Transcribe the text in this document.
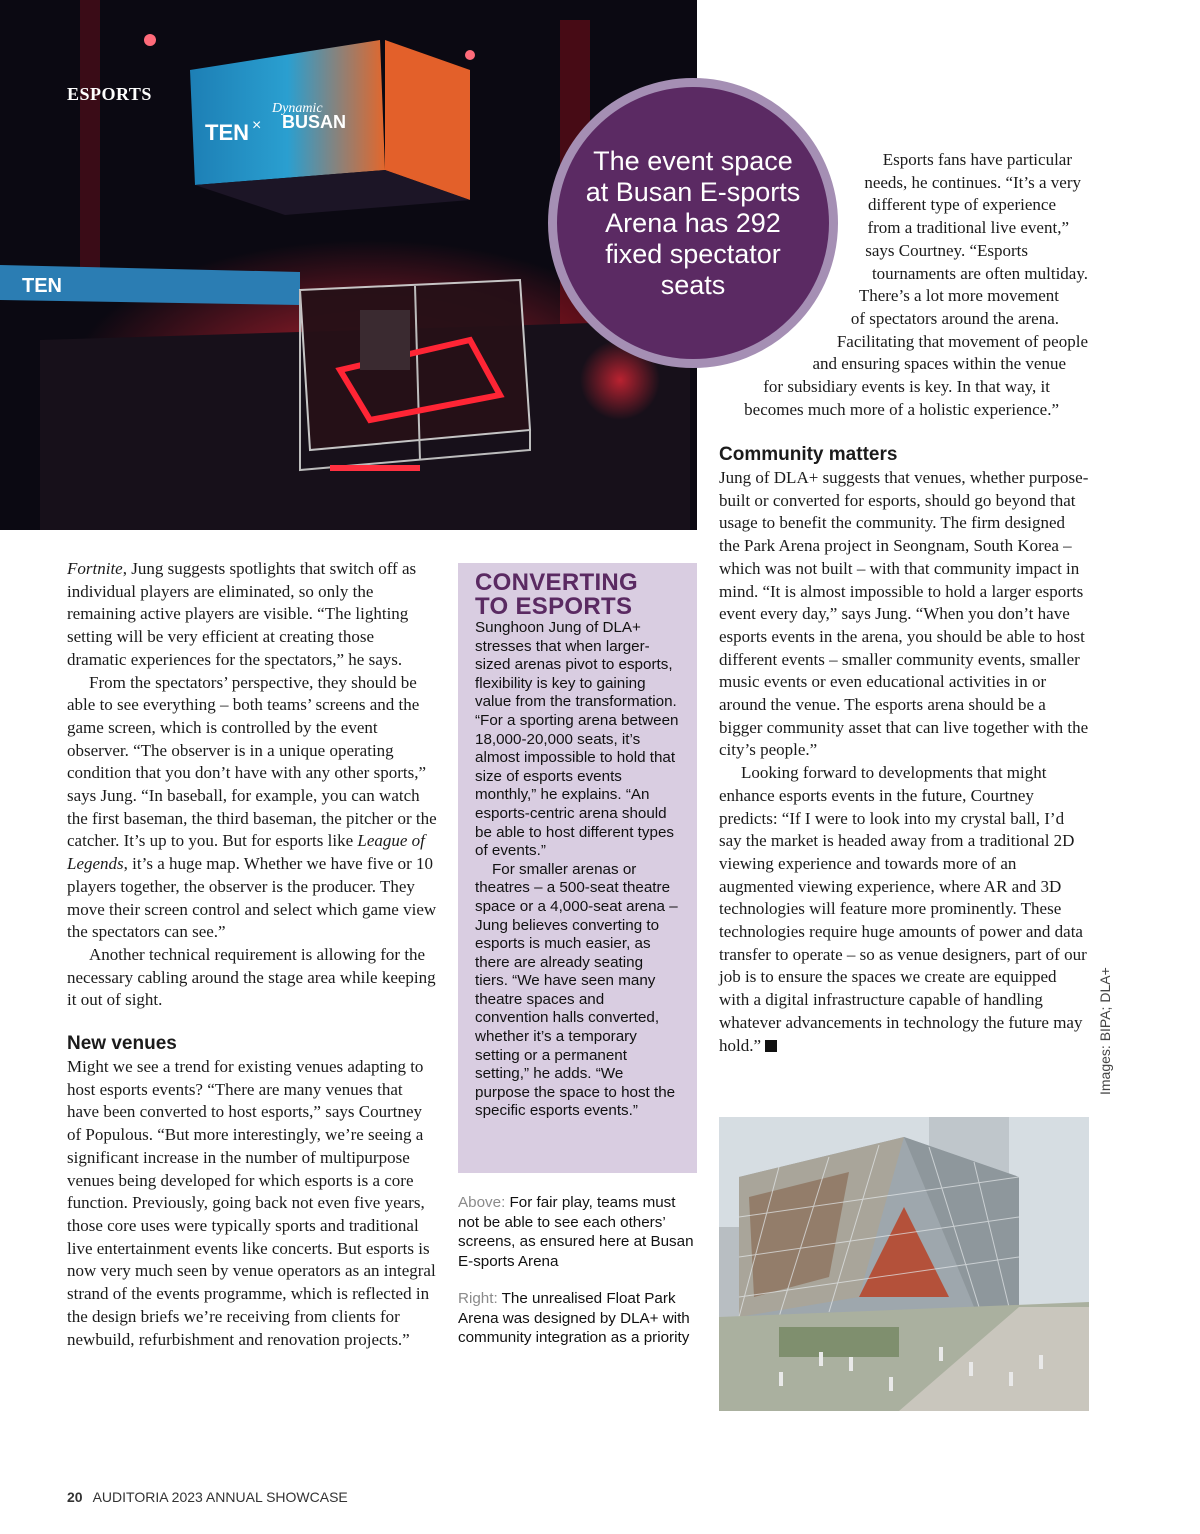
TEN ×
Dynamic
BUSAN
TEN
ESPORTS
The event space at Busan E-sports Arena has 292 fixed spectator seats
Esports fans have particular
needs, he continues. “It’s a very
different type of experience
from a traditional live event,”
says Courtney. “Esports
tournaments are often multiday.
There’s a lot more movement
of spectators around the arena.
Facilitating that movement of people
and ensuring spaces within the venue
for subsidiary events is key. In that way, it
becomes much more of a holistic experience.”

Fortnite, Jung suggests spotlights that switch off as individual players are eliminated, so only the remaining active players are visible. “The lighting setting will be very efficient at creating those dramatic experiences for the spectators,” he says.

From the spectators’ perspective, they should be able to see everything – both teams’ screens and the game screen, which is controlled by the event observer. “The observer is in a unique operating condition that you don’t have with any other sports,” says Jung. “In baseball, for example, you can watch the first baseman, the third baseman, the pitcher or the catcher. It’s up to you. But for esports like League of Legends, it’s a huge map. Whether we have five or 10 players together, the observer is the producer. They move their screen control and select which game view the spectators can see.”

Another technical requirement is allowing for the necessary cabling around the stage area while keeping it out of sight.

New venues

Might we see a trend for existing venues adapting to host esports events? “There are many venues that have been converted to host esports,” says Courtney of Populous. “But more interestingly, we’re seeing a significant increase in the number of multipurpose venues being developed for which esports is a core function. Previously, going back not even five years, those core uses were typically sports and traditional live entertainment events like concerts. But esports is now very much seen by venue operators as an integral strand of the events programme, which is reflected in the design briefs we’re receiving from clients for newbuild, refurbishment and renovation projects.”

CONVERTING
TO ESPORTS

Sunghoon Jung of DLA+ stresses that when larger-sized arenas pivot to esports, flexibility is key to gaining value from the transformation. “For a sporting arena between 18,000-20,000 seats, it’s almost impossible to hold that size of esports events monthly,” he explains. “An esports-centric arena should be able to host different types of events.”

For smaller arenas or theatres – a 500-seat theatre space or a 4,000-seat arena – Jung believes converting to esports is much easier, as there are already seating tiers. “We have seen many theatre spaces and convention halls converted, whether it’s a temporary setting or a permanent setting,” he adds. “We purpose the space to host the specific esports events.”

Above: For fair play, teams must not be able to see each others’ screens, as ensured here at Busan E-sports Arena
Right: The unrealised Float Park Arena was designed by DLA+ with community integration as a priority
Community matters

Jung of DLA+ suggests that venues, whether purpose-built or converted for esports, should go beyond that usage to benefit the community. The firm designed the Park Arena project in Seongnam, South Korea – which was not built – with that community impact in mind. “It is almost impossible to hold a larger esports event every day,” says Jung. “When you don’t have esports events in the arena, you should be able to host different events – smaller community events, smaller music events or even educational activities in or around the venue. The esports arena should be a bigger community asset that can live together with the city’s people.”

Looking forward to developments that might enhance esports events in the future, Courtney predicts: “If I were to look into my crystal ball, I’d say the market is headed away from a traditional 2D viewing experience and towards more of an augmented viewing experience, where AR and 3D technologies will feature more prominently. These technologies require huge amounts of power and data transfer to operate – so as venue designers, part of our job is to ensure the spaces we create are equipped with a digital infrastructure capable of handling whatever advancements in technology the future may hold.”	Images: BIPA; DLA+
20 AUDITORIA 2023 ANNUAL SHOWCASE
